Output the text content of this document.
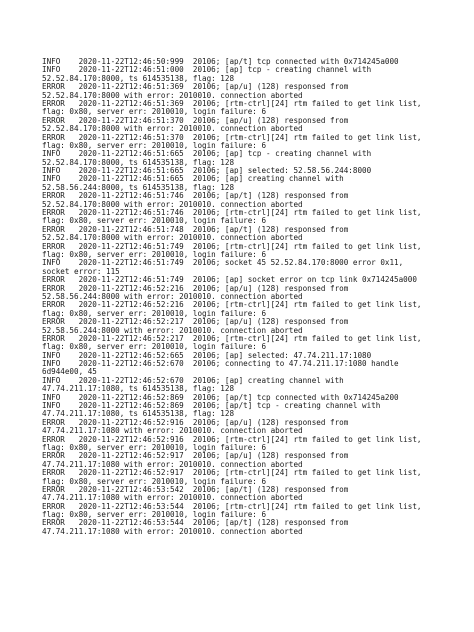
INFO    2020-11-22T12:46:50:999  20106; [ap/t] tcp connected with 0x714245a000
INFO    2020-11-22T12:46:51:000  20106; [ap] tcp - creating channel with
52.52.84.170:8000, ts 614535138, flag: 128
ERROR   2020-11-22T12:46:51:369  20106; [ap/u] (128) responsed from
52.52.84.170:8000 with error: 2010010. connection aborted
ERROR   2020-11-22T12:46:51:369  20106; [rtm-ctrl][24] rtm failed to get link list,
flag: 0x80, server err: 2010010, login failure: 6
ERROR   2020-11-22T12:46:51:370  20106; [ap/u] (128) responsed from
52.52.84.170:8000 with error: 2010010. connection aborted
ERROR   2020-11-22T12:46:51:370  20106; [rtm-ctrl][24] rtm failed to get link list,
flag: 0x80, server err: 2010010, login failure: 6
INFO    2020-11-22T12:46:51:665  20106; [ap] tcp - creating channel with
52.52.84.170:8000, ts 614535138, flag: 128
INFO    2020-11-22T12:46:51:665  20106; [ap] selected: 52.58.56.244:8000
INFO    2020-11-22T12:46:51:665  20106; [ap] creating channel with
52.58.56.244:8000, ts 614535138, flag: 128
ERROR   2020-11-22T12:46:51:746  20106; [ap/t] (128) responsed from
52.52.84.170:8000 with error: 2010010. connection aborted
ERROR   2020-11-22T12:46:51:746  20106; [rtm-ctrl][24] rtm failed to get link list,
flag: 0x80, server err: 2010010, login failure: 6
ERROR   2020-11-22T12:46:51:748  20106; [ap/t] (128) responsed from
52.52.84.170:8000 with error: 2010010. connection aborted
ERROR   2020-11-22T12:46:51:749  20106; [rtm-ctrl][24] rtm failed to get link list,
flag: 0x80, server err: 2010010, login failure: 6
INFO    2020-11-22T12:46:51:749  20106; socket 45 52.52.84.170:8000 error 0x11,
socket error: 115
ERROR   2020-11-22T12:46:51:749  20106; [ap] socket error on tcp link 0x714245a000
ERROR   2020-11-22T12:46:52:216  20106; [ap/u] (128) responsed from
52.58.56.244:8000 with error: 2010010. connection aborted
ERROR   2020-11-22T12:46:52:216  20106; [rtm-ctrl][24] rtm failed to get link list,
flag: 0x80, server err: 2010010, login failure: 6
ERROR   2020-11-22T12:46:52:217  20106; [ap/u] (128) responsed from
52.58.56.244:8000 with error: 2010010. connection aborted
ERROR   2020-11-22T12:46:52:217  20106; [rtm-ctrl][24] rtm failed to get link list,
flag: 0x80, server err: 2010010, login failure: 6
INFO    2020-11-22T12:46:52:665  20106; [ap] selected: 47.74.211.17:1080
INFO    2020-11-22T12:46:52:670  20106; connecting to 47.74.211.17:1080 handle
6d944e00, 45
INFO    2020-11-22T12:46:52:670  20106; [ap] creating channel with
47.74.211.17:1080, ts 614535138, flag: 128
INFO    2020-11-22T12:46:52:869  20106; [ap/t] tcp connected with 0x714245a200
INFO    2020-11-22T12:46:52:869  20106; [ap/t] tcp - creating channel with
47.74.211.17:1080, ts 614535138, flag: 128
ERROR   2020-11-22T12:46:52:916  20106; [ap/u] (128) responsed from
47.74.211.17:1080 with error: 2010010. connection aborted
ERROR   2020-11-22T12:46:52:916  20106; [rtm-ctrl][24] rtm failed to get link list,
flag: 0x80, server err: 2010010, login failure: 6
ERROR   2020-11-22T12:46:52:917  20106; [ap/u] (128) responsed from
47.74.211.17:1080 with error: 2010010. connection aborted
ERROR   2020-11-22T12:46:52:917  20106; [rtm-ctrl][24] rtm failed to get link list,
flag: 0x80, server err: 2010010, login failure: 6
ERROR   2020-11-22T12:46:53:542  20106; [ap/t] (128) responsed from
47.74.211.17:1080 with error: 2010010. connection aborted
ERROR   2020-11-22T12:46:53:544  20106; [rtm-ctrl][24] rtm failed to get link list,
flag: 0x80, server err: 2010010, login failure: 6
ERROR   2020-11-22T12:46:53:544  20106; [ap/t] (128) responsed from
47.74.211.17:1080 with error: 2010010. connection aborted
